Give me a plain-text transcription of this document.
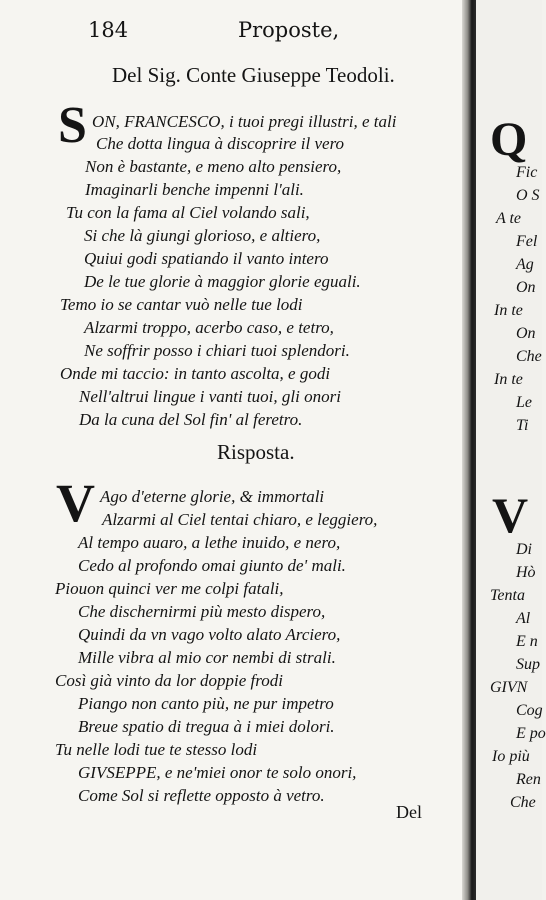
184	Proposte,
Del Sig. Conte Giuseppe Teodoli.
S ON, FRANCESCO, i tuoi pregi illustri, e tali
Che dotta lingua à discoprire il vero
Non è bastante, e meno alto pensiero,
Imaginarli benche impenni l'ali.
Tu con la fama al Ciel volando sali,
Si che là giungi glorioso, e altiero,
Quiui godi spatiando il vanto intero
De le tue glorie à maggior glorie eguali.
Temo io se cantar vuò nelle tue lodi
Alzarmi troppo, acerbo caso, e tetro,
Ne soffrir posso i chiari tuoi splendori.
Onde mi taccio: in tanto ascolta, e godi
Nell'altrui lingue i vanti tuoi, gli onori
Da la cuna del Sol fin' al feretro.
Risposta.
V Ago d'eterne glorie, & immortali
Alzarmi al Ciel tentai chiaro, e leggiero,
Al tempo auaro, a lethe inuido, e nero,
Cedo al profondo omai giunto de' mali.
Piouon quinci ver me colpi fatali,
Che dischernirmi più mesto dispero,
Quindi da vn vago volto alato Arciero,
Mille vibra al mio cor nembi di strali.
Così già vinto da lor doppie frodi
Piango non canto più, ne pur impetro
Breue spatio di tregua à i miei dolori.
Tu nelle lodi tue te stesso lodi
GIVSEPPE, e ne'miei onor te solo onori,
Come Sol si reflette opposto à vetro.
Del
Q
Fic
O S
A te
Fel
Ag
On
In te
On
Che
In te
Le
Ti
V
Di
Hò
Tenta
Al
E n
Sup
GIVN
Cog
E po
Io più
Ren
Che
